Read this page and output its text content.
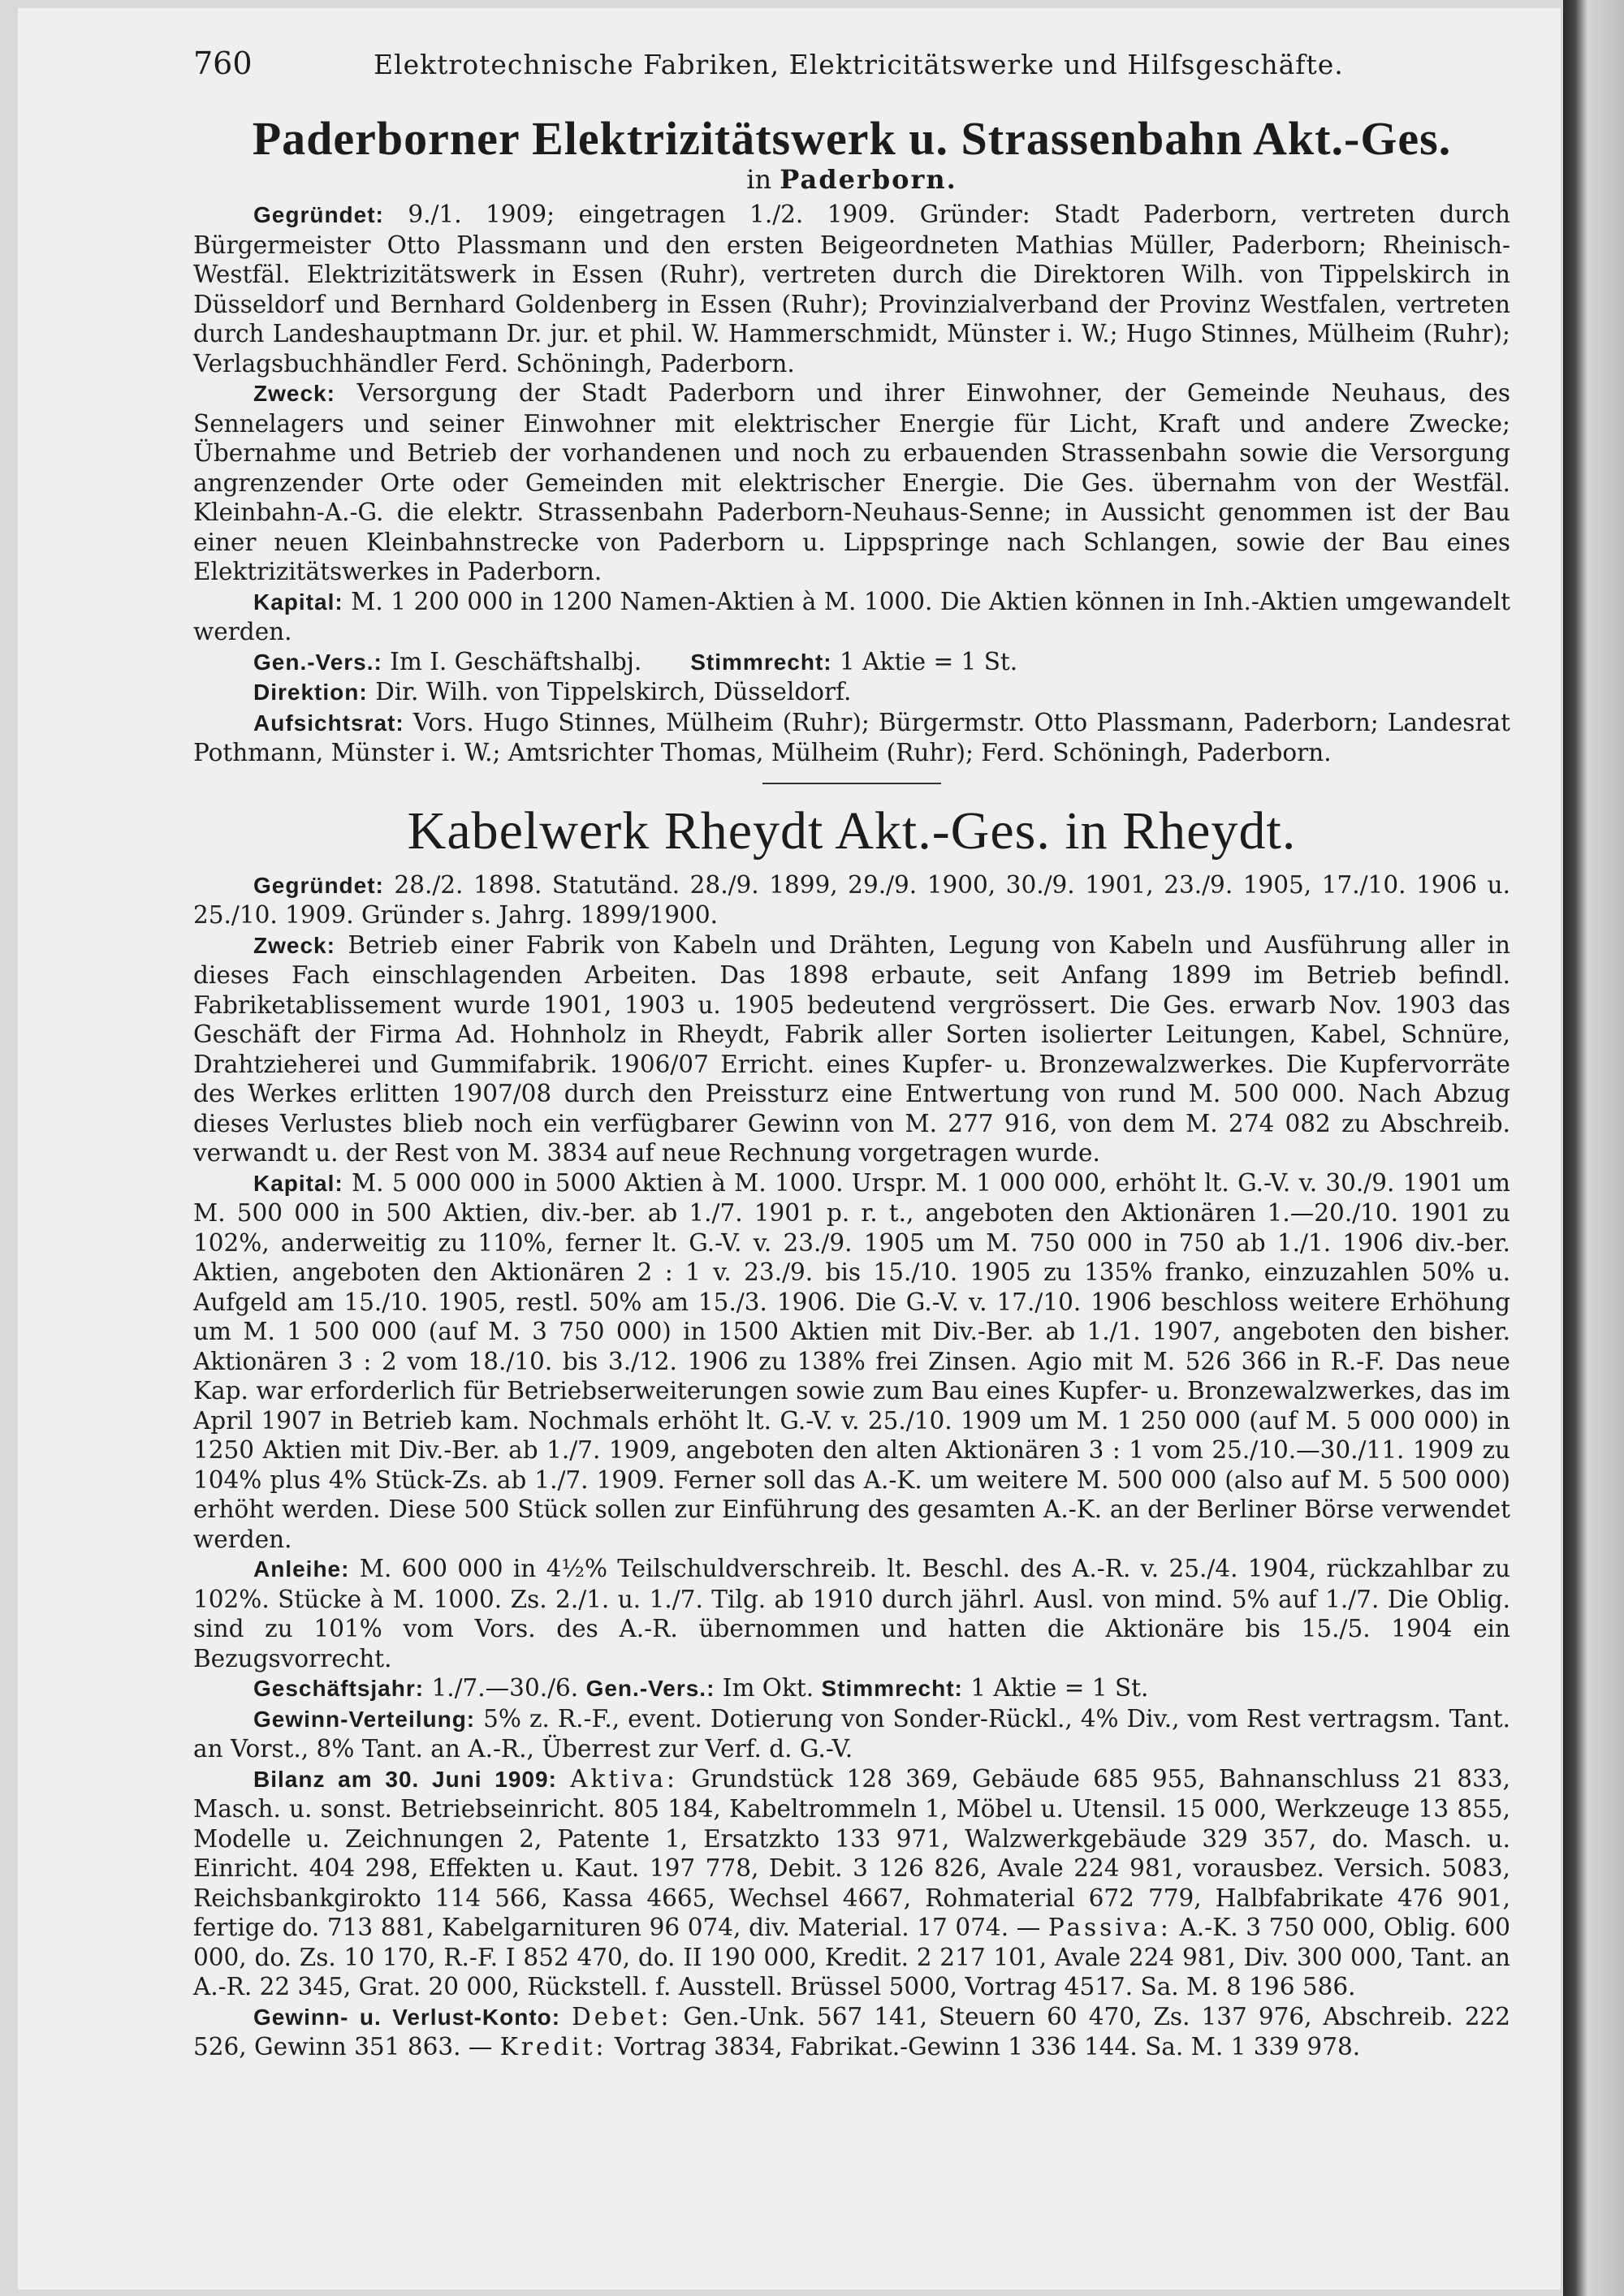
760	Elektrotechnische Fabriken, Elektricitätswerke und Hilfsgeschäfte.
Paderborner Elektrizitätswerk u. Strassenbahn Akt.-Ges.
in Paderborn.

Gegründet: 9./1. 1909; eingetragen 1./2. 1909. Gründer: Stadt Paderborn, vertreten durch Bürgermeister Otto Plassmann und den ersten Beigeordneten Mathias Müller, Paderborn; Rheinisch-Westfäl. Elektrizitätswerk in Essen (Ruhr), vertreten durch die Direktoren Wilh. von Tippelskirch in Düsseldorf und Bernhard Goldenberg in Essen (Ruhr); Provinzialverband der Provinz Westfalen, vertreten durch Landeshauptmann Dr. jur. et phil. W. Hammerschmidt, Münster i. W.; Hugo Stinnes, Mülheim (Ruhr); Verlagsbuchhändler Ferd. Schöningh, Paderborn.

Zweck: Versorgung der Stadt Paderborn und ihrer Einwohner, der Gemeinde Neuhaus, des Sennelagers und seiner Einwohner mit elektrischer Energie für Licht, Kraft und andere Zwecke; Übernahme und Betrieb der vorhandenen und noch zu erbauenden Strassenbahn sowie die Versorgung angrenzender Orte oder Gemeinden mit elektrischer Energie. Die Ges. übernahm von der Westfäl. Kleinbahn-A.-G. die elektr. Strassenbahn Paderborn-Neuhaus-Senne; in Aussicht genommen ist der Bau einer neuen Kleinbahnstrecke von Paderborn u. Lippspringe nach Schlangen, sowie der Bau eines Elektrizitätswerkes in Paderborn.

Kapital: M. 1 200 000 in 1200 Namen-Aktien à M. 1000. Die Aktien können in Inh.-Aktien umgewandelt werden.

Gen.-Vers.: Im I. Geschäftshalbj. Stimmrecht: 1 Aktie = 1 St.

Direktion: Dir. Wilh. von Tippelskirch, Düsseldorf.

Aufsichtsrat: Vors. Hugo Stinnes, Mülheim (Ruhr); Bürgermstr. Otto Plassmann, Paderborn; Landesrat Pothmann, Münster i. W.; Amtsrichter Thomas, Mülheim (Ruhr); Ferd. Schöningh, Paderborn.

Kabelwerk Rheydt Akt.-Ges. in Rheydt.

Gegründet: 28./2. 1898. Statutänd. 28./9. 1899, 29./9. 1900, 30./9. 1901, 23./9. 1905, 17./10. 1906 u. 25./10. 1909. Gründer s. Jahrg. 1899/1900.

Zweck: Betrieb einer Fabrik von Kabeln und Drähten, Legung von Kabeln und Ausführung aller in dieses Fach einschlagenden Arbeiten. Das 1898 erbaute, seit Anfang 1899 im Betrieb befindl. Fabriketablissement wurde 1901, 1903 u. 1905 bedeutend vergrössert. Die Ges. erwarb Nov. 1903 das Geschäft der Firma Ad. Hohnholz in Rheydt, Fabrik aller Sorten isolierter Leitungen, Kabel, Schnüre, Drahtzieherei und Gummifabrik. 1906/07 Erricht. eines Kupfer- u. Bronzewalzwerkes. Die Kupfervorräte des Werkes erlitten 1907/08 durch den Preissturz eine Entwertung von rund M. 500 000. Nach Abzug dieses Verlustes blieb noch ein verfügbarer Gewinn von M. 277 916, von dem M. 274 082 zu Abschreib. verwandt u. der Rest von M. 3834 auf neue Rechnung vorgetragen wurde.

Kapital: M. 5 000 000 in 5000 Aktien à M. 1000. Urspr. M. 1 000 000, erhöht lt. G.-V. v. 30./9. 1901 um M. 500 000 in 500 Aktien, div.-ber. ab 1./7. 1901 p. r. t., angeboten den Aktionären 1.—20./10. 1901 zu 102%, anderweitig zu 110%, ferner lt. G.-V. v. 23./9. 1905 um M. 750 000 in 750 ab 1./1. 1906 div.-ber. Aktien, angeboten den Aktionären 2 : 1 v. 23./9. bis 15./10. 1905 zu 135% franko, einzuzahlen 50% u. Aufgeld am 15./10. 1905, restl. 50% am 15./3. 1906. Die G.-V. v. 17./10. 1906 beschloss weitere Erhöhung um M. 1 500 000 (auf M. 3 750 000) in 1500 Aktien mit Div.-Ber. ab 1./1. 1907, angeboten den bisher. Aktionären 3 : 2 vom 18./10. bis 3./12. 1906 zu 138% frei Zinsen. Agio mit M. 526 366 in R.-F. Das neue Kap. war erforderlich für Betriebserweiterungen sowie zum Bau eines Kupfer- u. Bronzewalzwerkes, das im April 1907 in Betrieb kam. Nochmals erhöht lt. G.-V. v. 25./10. 1909 um M. 1 250 000 (auf M. 5 000 000) in 1250 Aktien mit Div.-Ber. ab 1./7. 1909, angeboten den alten Aktionären 3 : 1 vom 25./10.—30./11. 1909 zu 104% plus 4% Stück-Zs. ab 1./7. 1909. Ferner soll das A.-K. um weitere M. 500 000 (also auf M. 5 500 000) erhöht werden. Diese 500 Stück sollen zur Einführung des gesamten A.-K. an der Berliner Börse verwendet werden.

Anleihe: M. 600 000 in 4½% Teilschuldverschreib. lt. Beschl. des A.-R. v. 25./4. 1904, rückzahlbar zu 102%. Stücke à M. 1000. Zs. 2./1. u. 1./7. Tilg. ab 1910 durch jährl. Ausl. von mind. 5% auf 1./7. Die Oblig. sind zu 101% vom Vors. des A.-R. übernommen und hatten die Aktionäre bis 15./5. 1904 ein Bezugsvorrecht.

Geschäftsjahr: 1./7.—30./6. Gen.-Vers.: Im Okt. Stimmrecht: 1 Aktie = 1 St.

Gewinn-Verteilung: 5% z. R.-F., event. Dotierung von Sonder-Rückl., 4% Div., vom Rest vertragsm. Tant. an Vorst., 8% Tant. an A.-R., Überrest zur Verf. d. G.-V.

Bilanz am 30. Juni 1909: Aktiva: Grundstück 128 369, Gebäude 685 955, Bahnanschluss 21 833, Masch. u. sonst. Betriebseinricht. 805 184, Kabeltrommeln 1, Möbel u. Utensil. 15 000, Werkzeuge 13 855, Modelle u. Zeichnungen 2, Patente 1, Ersatzkto 133 971, Walzwerkgebäude 329 357, do. Masch. u. Einricht. 404 298, Effekten u. Kaut. 197 778, Debit. 3 126 826, Avale 224 981, vorausbez. Versich. 5083, Reichsbankgirokto 114 566, Kassa 4665, Wechsel 4667, Rohmaterial 672 779, Halbfabrikate 476 901, fertige do. 713 881, Kabelgarnituren 96 074, div. Material. 17 074. — Passiva: A.-K. 3 750 000, Oblig. 600 000, do. Zs. 10 170, R.-F. I 852 470, do. II 190 000, Kredit. 2 217 101, Avale 224 981, Div. 300 000, Tant. an A.-R. 22 345, Grat. 20 000, Rückstell. f. Ausstell. Brüssel 5000, Vortrag 4517. Sa. M. 8 196 586.

Gewinn- u. Verlust-Konto: Debet: Gen.-Unk. 567 141, Steuern 60 470, Zs. 137 976, Abschreib. 222 526, Gewinn 351 863. — Kredit: Vortrag 3834, Fabrikat.-Gewinn 1 336 144. Sa. M. 1 339 978.
